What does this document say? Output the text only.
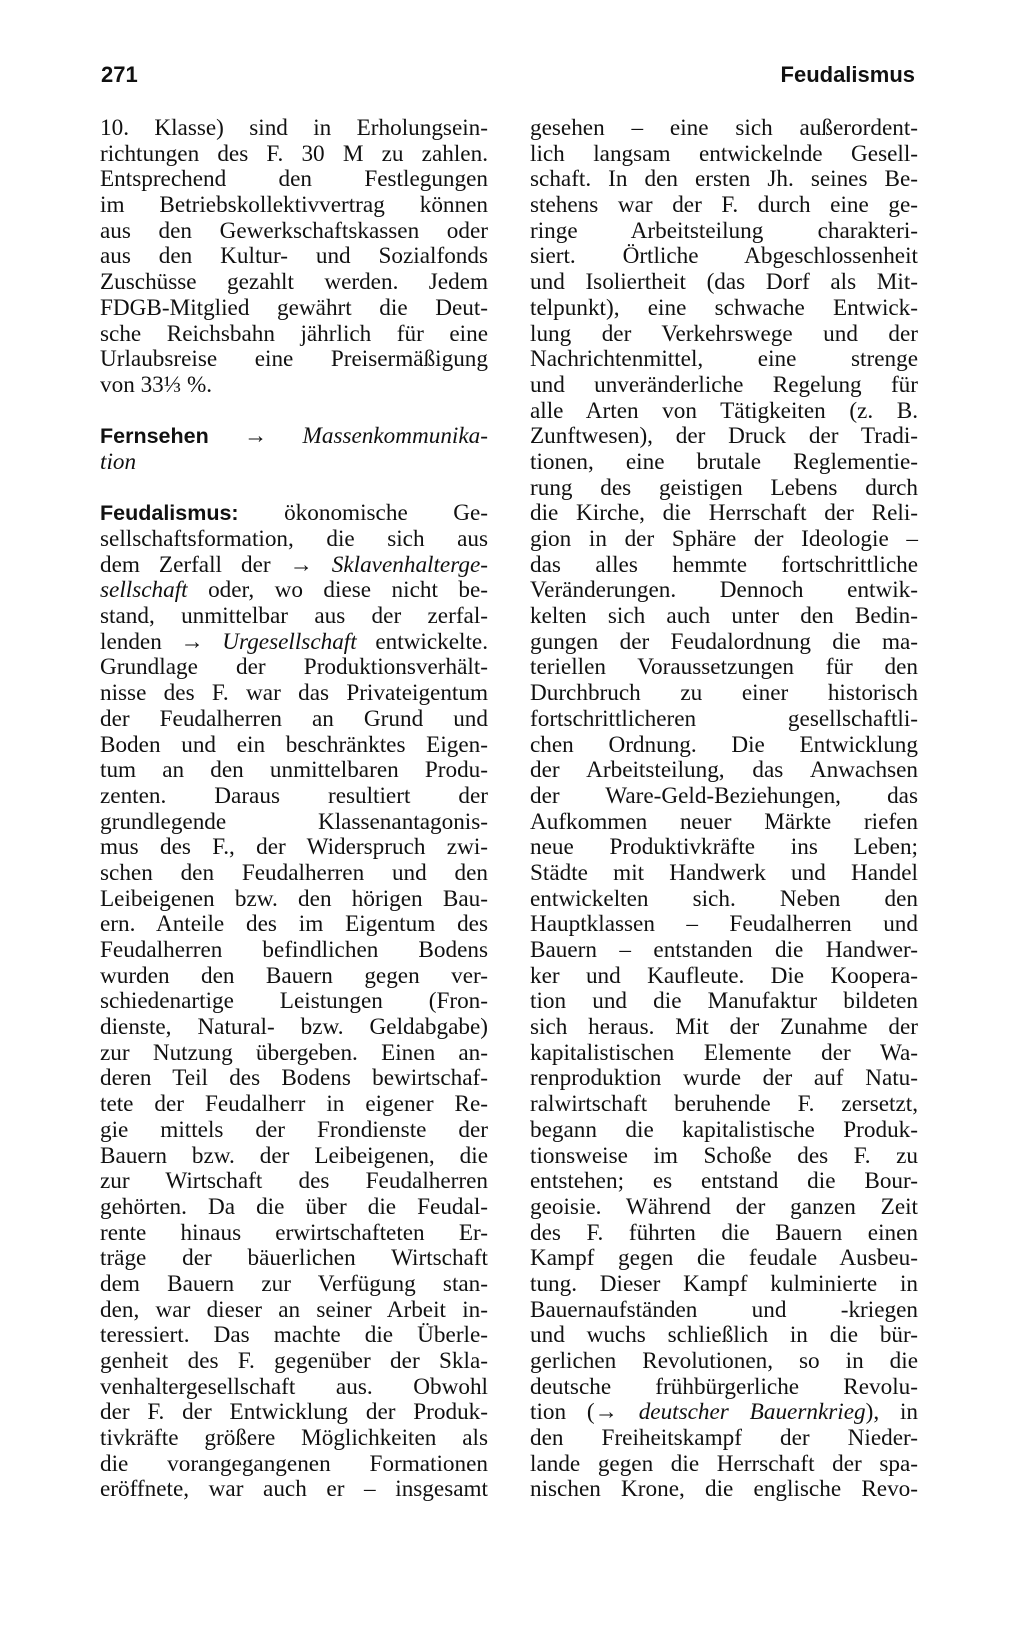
271	Feudalismus
10. Klasse) sind in Erholungsein-
richtungen des F. 30 M zu zahlen.
Entsprechend den Festlegungen
im Betriebskollektivvertrag können
aus den Gewerkschaftskassen oder
aus den Kultur- und Sozialfonds
Zuschüsse gezahlt werden. Jedem
FDGB-Mitglied gewährt die Deut-
sche Reichsbahn jährlich für eine
Urlaubsreise eine Preisermäßigung
von 33⅓ %.
Fernsehen → Massenkommunika-
tion
Feudalismus: ökonomische Ge-
sellschaftsformation, die sich aus
dem Zerfall der → Sklavenhalterge-
sellschaft oder, wo diese nicht be-
stand, unmittelbar aus der zerfal-
lenden → Urgesellschaft entwickelte.
Grundlage der Produktionsverhält-
nisse des F. war das Privateigentum
der Feudalherren an Grund und
Boden und ein beschränktes Eigen-
tum an den unmittelbaren Produ-
zenten. Daraus resultiert der
grundlegende Klassenantagonis-
mus des F., der Widerspruch zwi-
schen den Feudalherren und den
Leibeigenen bzw. den hörigen Bau-
ern. Anteile des im Eigentum des
Feudalherren befindlichen Bodens
wurden den Bauern gegen ver-
schiedenartige Leistungen (Fron-
dienste, Natural- bzw. Geldabgabe)
zur Nutzung übergeben. Einen an-
deren Teil des Bodens bewirtschaf-
tete der Feudalherr in eigener Re-
gie mittels der Frondienste der
Bauern bzw. der Leibeigenen, die
zur Wirtschaft des Feudalherren
gehörten. Da die über die Feudal-
rente hinaus erwirtschafteten Er-
träge der bäuerlichen Wirtschaft
dem Bauern zur Verfügung stan-
den, war dieser an seiner Arbeit in-
teressiert. Das machte die Überle-
genheit des F. gegenüber der Skla-
venhaltergesellschaft aus. Obwohl
der F. der Entwicklung der Produk-
tivkräfte größere Möglichkeiten als
die vorangegangenen Formationen
eröffnete, war auch er – insgesamt
gesehen – eine sich außerordent-
lich langsam entwickelnde Gesell-
schaft. In den ersten Jh. seines Be-
stehens war der F. durch eine ge-
ringe Arbeitsteilung charakteri-
siert. Örtliche Abgeschlossenheit
und Isoliertheit (das Dorf als Mit-
telpunkt), eine schwache Entwick-
lung der Verkehrswege und der
Nachrichtenmittel, eine strenge
und unveränderliche Regelung für
alle Arten von Tätigkeiten (z. B.
Zunftwesen), der Druck der Tradi-
tionen, eine brutale Reglementie-
rung des geistigen Lebens durch
die Kirche, die Herrschaft der Reli-
gion in der Sphäre der Ideologie –
das alles hemmte fortschrittliche
Veränderungen. Dennoch entwik-
kelten sich auch unter den Bedin-
gungen der Feudalordnung die ma-
teriellen Voraussetzungen für den
Durchbruch zu einer historisch
fortschrittlicheren gesellschaftli-
chen Ordnung. Die Entwicklung
der Arbeitsteilung, das Anwachsen
der Ware-Geld-Beziehungen, das
Aufkommen neuer Märkte riefen
neue Produktivkräfte ins Leben;
Städte mit Handwerk und Handel
entwickelten sich. Neben den
Hauptklassen – Feudalherren und
Bauern – entstanden die Handwer-
ker und Kaufleute. Die Koopera-
tion und die Manufaktur bildeten
sich heraus. Mit der Zunahme der
kapitalistischen Elemente der Wa-
renproduktion wurde der auf Natu-
ralwirtschaft beruhende F. zersetzt,
begann die kapitalistische Produk-
tionsweise im Schoße des F. zu
entstehen; es entstand die Bour-
geoisie. Während der ganzen Zeit
des F. führten die Bauern einen
Kampf gegen die feudale Ausbeu-
tung. Dieser Kampf kulminierte in
Bauernaufständen und -kriegen
und wuchs schließlich in die bür-
gerlichen Revolutionen, so in die
deutsche frühbürgerliche Revolu-
tion (→ deutscher Bauernkrieg), in
den Freiheitskampf der Nieder-
lande gegen die Herrschaft der spa-
nischen Krone, die englische Revo-
